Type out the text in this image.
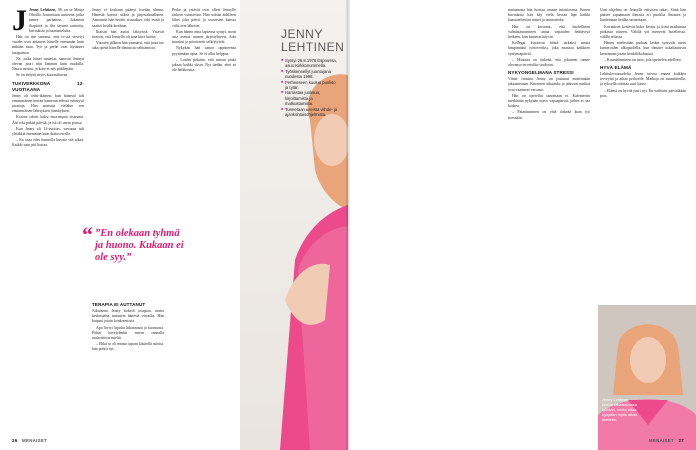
J Jenny Lehtinen, 38, on se Menja Ohoilla Jounottuun tunteena jotka tuntee parhaiten. Jokainen iltapäivä ja ilta täynnä tarinoita, kuvauksia ja haastatteluita.

Hän on itse sanonut, että tv:ssä vietetyt vuodet ovat antaneet hänelle enemmän kuin mikään muu. Työ ja perhe ovat löytäneet tasapainon.

Ne, jotka hänet tuntevat, sanovat Jennyn olevan juuri niin lämmin kuin ruudulla. Nauru tarttuu, ja kiire ei näy päällepäin.

Se on tietysti myös kuormittavaa.

TUKIVERKKONA 12-VUOTIAANA

Jenny oli teini-ikäinen, kun hänestä tuli ensimmäisen kerran kameran edessä esiintyvä juontaja. Hän muistaa vieläkin sen ensimmäisen lähetyksen jännityksen.

Kotona odotti kaksi nuorempaa sisarusta. Äiti teki pitkää päivää, ja isä oli usein poissa.

Kun Jenny oli 12-vuotias, vastuuta tuli yhtäkkiä enemmän kuin ikätovereilla.

– En osaa edes kunnolla kuvata sitä aikaa. Kaikki vain piti hoitaa.

Jenny ei koskaan pitänyt itseään uhrina. Hänestä kasvoi sitkeä ja järjestelmällinen. Aamuisin hän herätti sisarukset, teki eväät ja saattoi heidät kouluun.

Iltaisin hän auttoi läksyissä. Ystävät tiesivät, että Jennyllä oli aina kiire kotiin.

Vuosien jälkeen hän ymmärsi, että juuri tuo aika opetti hänelle ihmisistä välittämistä.

“ ”En olekaan tyhmä ja huono. Kukaan ei ole syy.”
TERAPIA EI AUTTANUT

Aikuisena Jenny kokeili terapiaa, mutta keskustelut tuntuivat hänestä vierailta. Hän kaipasi jotain konkreettista.

Apu löytyi lopulta liikunnasta ja luonnosta. Pitkät kävelylenkit meren rannalla rauhoittivat mieltä.

– Ehkä se oli minun tapani käsitellä asioita, hän pohtii nyt.

Perhe ja ystävät ovat olleet Jennylle tärkein voimavara. Hän soittaa äidilleen lähes joka päivä, ja sisarusten kanssa välit ovat läheiset.

Kun hänen oma lapsensa syntyi, moni asia asettui uuteen järjestykseen. Arki muuttui ja prioriteetit selkiytyivät.

Nykyään hän sanoo oppineensa pyytämään apua. Se ei ollut helppoa.

– Luulin pitkään, että minun pitää jaksaa kaikki yksin. Nyt tiedän, ettei se ole heikkoutta.

JENNY LEHTINEN
■ Syntyi 26.8.1978 Espoossa, asuu Kirkkonummella.
■ Työskennellyt juontajana vuodesta 1998.
■ Perheeseen kuuluu puoliso ja tytär.
■ Harrastaa juoksua, kirjoittamista ja matkustamista.
■ Tunnetaan useista viihde- ja ajankohtaisohjelmista.
26 MENAISET

tuntumasta hän luottaa omaan intuitioonsa. Ennen kuvauksia hän käy vielä kerran läpi kaikki haastateltavien nimet ja taustatiedot.

Hän on kertonut, että huolellinen valmistautuminen antaa vapauden heittäytyä hetkeen, kun kamerat käyvät.

Kollegat kuvaavat häntä tarkaksi mutta lämpimäksi työtoveriksi, joka muistaa kaikkien syntymäpäivät.

– Minusta on tärkeää, että jokainen tuntee olevansa tervetullut studioon.

NYKYONGELMANA STRESSI

Viime vuosina Jenny on joutunut miettimään jaksamistaan. Kiireinen aikataulu ja jatkuvat matkat ovat vaatineet veronsa.

Hän on opetellut sanomaan ei. Kalenteriin merkitään nykyään myös vapaapäivät, joihin ei saa koskea.

– Palautuminen on yhtä tärkeää kuin työ itsessään.

Uusi ohjelma on Jennylle erityisen rakas. Siinä hän pääsee tapaamaan ihmisiä eri puolilta Suomea ja kuulemaan heidän tarinoitaan.

Kuvaukset kestävät koko kesän, ja tiimi matkustaa paikasta toiseen. Välillä yöt menevät hotelleissa, välillä teltassa.

Hänen mielestään parhaat hetket syntyvät usein kameroiden ulkopuolella, kun ihmiset uskaltautuvat kertomaan jotain henkilökohtaista.

– Kuunteleminen on taito, jota opettelen edelleen.

HYVÄ ELÄMÄ

Lähitulevaisuudelta Jenny toivoo ennen kaikkea terveyttä ja aikaa perheelle. Matkoja on suunnitteilla, ja syksyllä odottaa uusi kausi.

– Elämä on hyvää juuri nyt. En vaihtaisi päivääkään pois.

Jenny Lehtinen kertoo rakastavansa työtään, mutta ottaa nykyään myös aikaa itselleen.
MENAISET 27
